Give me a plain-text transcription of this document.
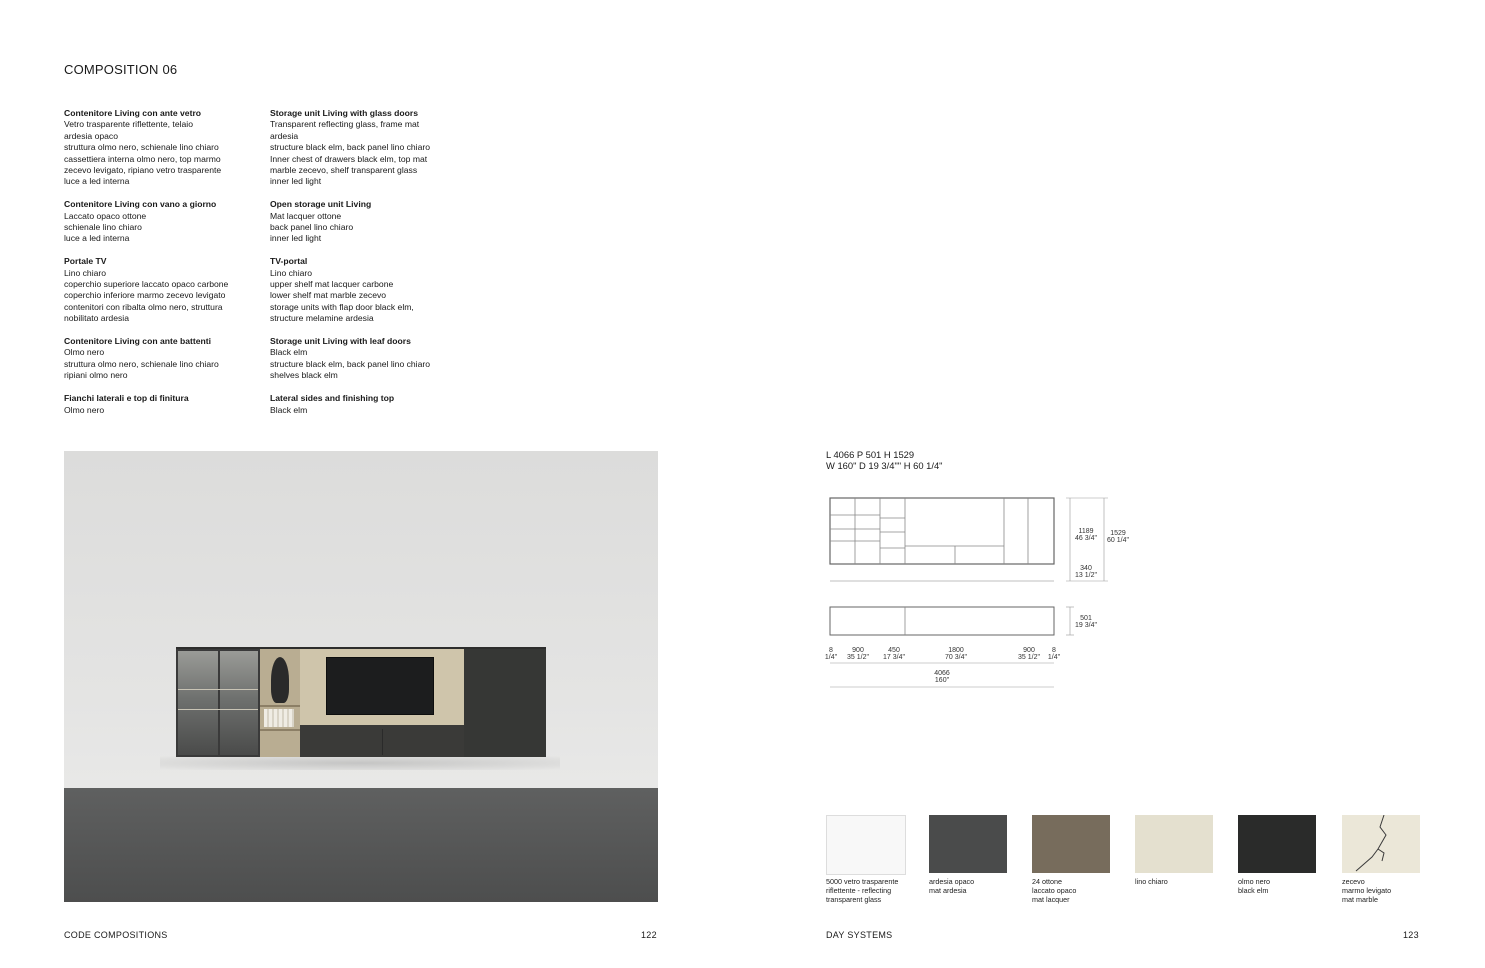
COMPOSITION 06
Contenitore Living con ante vetro
Vetro trasparente riflettente, telaio
ardesia opaco
struttura olmo nero, schienale lino chiaro
cassettiera interna olmo nero, top marmo
zecevo levigato, ripiano vetro trasparente
luce a led interna
Contenitore Living con vano a giorno
Laccato opaco ottone
schienale lino chiaro
luce a led interna
Portale TV
Lino chiaro
coperchio superiore laccato opaco carbone
coperchio inferiore marmo zecevo levigato
contenitori con ribalta olmo nero, struttura
nobilitato ardesia
Contenitore Living con ante battenti
Olmo nero
struttura olmo nero, schienale lino chiaro
ripiani olmo nero
Fianchi laterali e top di finitura
Olmo nero
Storage unit Living with glass doors
Transparent reflecting glass, frame mat
ardesia
structure black elm, back panel lino chiaro
Inner chest of drawers black elm, top mat
marble zecevo, shelf transparent glass
inner led light
Open storage unit Living
Mat lacquer ottone
back panel lino chiaro
inner led light
TV-portal
Lino chiaro
upper shelf mat lacquer carbone
lower shelf mat marble zecevo
storage units with flap door black elm,
structure melamine ardesia
Storage unit Living with leaf doors
Black elm
structure black elm, back panel lino chiaro
shelves black elm
Lateral sides and finishing top
Black elm
L 4066 P 501 H 1529
W 160" D 19 3/4"" H 60 1/4"
1189
46 3/4"
1529
60 1/4"
340
13 1/2"
501
19 3/4"
8
1/4"
900
35 1/2"
450
17 3/4"
1800
70 3/4"
900
35 1/2"
8
1/4"
4066
160"
5000 vetro trasparente
riflettente - reflecting
transparent glass
ardesia opaco
mat ardesia
24 ottone
laccato opaco
mat lacquer
lino chiaro	olmo nero
black elm
zecevo
marmo levigato
mat marble
CODE COMPOSITIONS	122	DAY SYSTEMS	123
